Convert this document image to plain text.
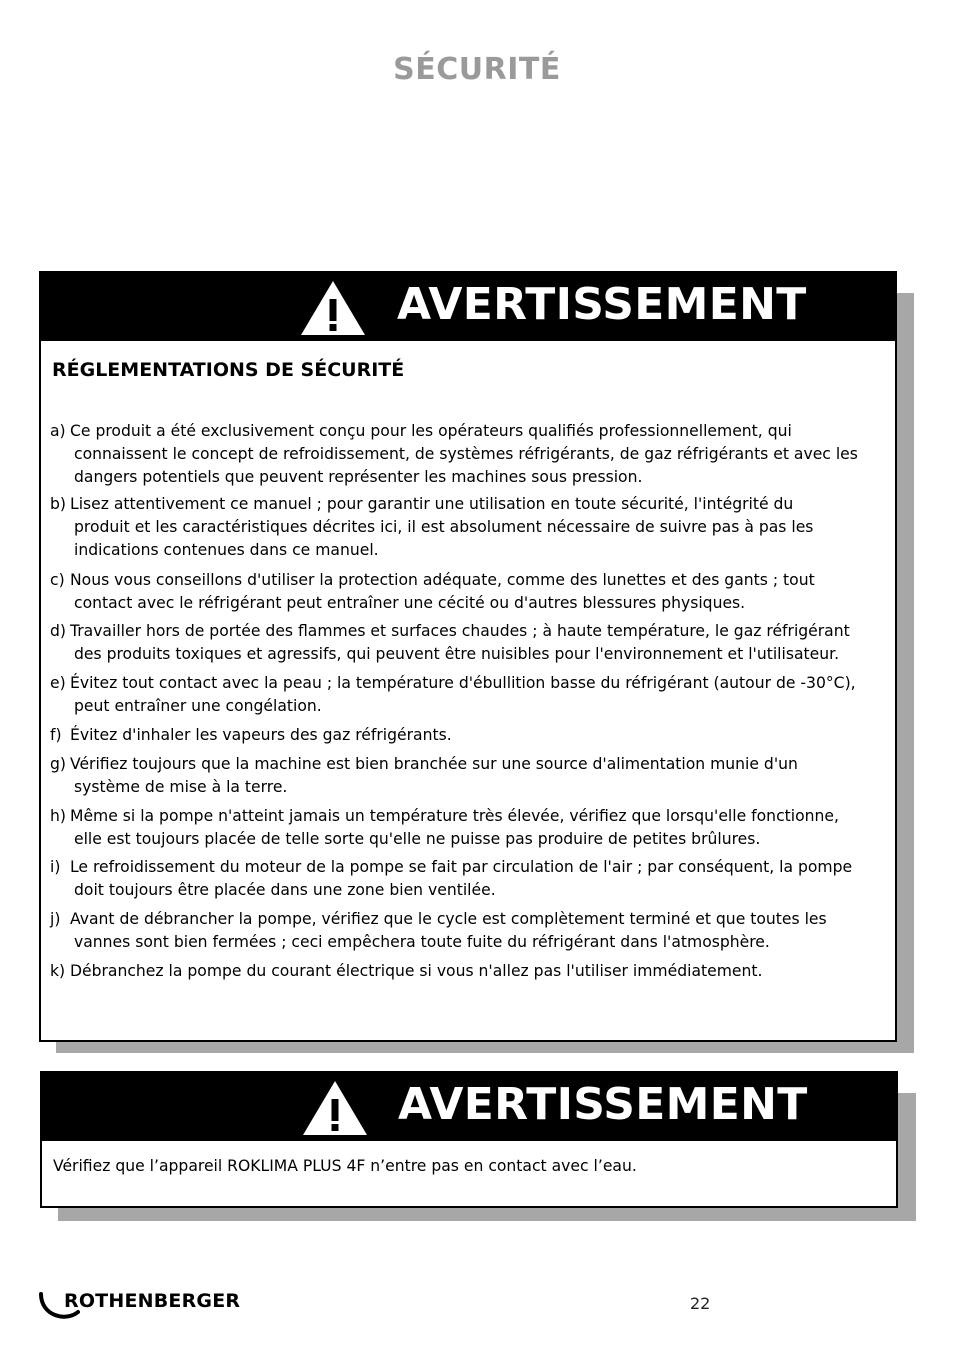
SÉCURITÉ
AVERTISSEMENT
RÉGLEMENTATIONS DE SÉCURITÉ
a) Ce produit a été exclusivement conçu pour les opérateurs qualifiés professionnellement, qui
connaissent le concept de refroidissement, de systèmes réfrigérants, de gaz réfrigérants et avec les
dangers potentiels que peuvent représenter les machines sous pression.
b) Lisez attentivement ce manuel ; pour garantir une utilisation en toute sécurité, l'intégrité du
produit et les caractéristiques décrites ici, il est absolument nécessaire de suivre pas à pas les
indications contenues dans ce manuel.
c) Nous vous conseillons d'utiliser la protection adéquate, comme des lunettes et des gants ; tout
contact avec le réfrigérant peut entraîner une cécité ou d'autres blessures physiques.
d) Travailler hors de portée des flammes et surfaces chaudes ; à haute température, le gaz réfrigérant
des produits toxiques et agressifs, qui peuvent être nuisibles pour l'environnement et l'utilisateur.
e) Évitez tout contact avec la peau ; la température d'ébullition basse du réfrigérant (autour de -30°C),
peut entraîner une congélation.
f) Évitez d'inhaler les vapeurs des gaz réfrigérants.
g) Vérifiez toujours que la machine est bien branchée sur une source d'alimentation munie d'un
système de mise à la terre.
h) Même si la pompe n'atteint jamais un température très élevée, vérifiez que lorsqu'elle fonctionne,
elle est toujours placée de telle sorte qu'elle ne puisse pas produire de petites brûlures.
i) Le refroidissement du moteur de la pompe se fait par circulation de l'air ; par conséquent, la pompe
doit toujours être placée dans une zone bien ventilée.
j) Avant de débrancher la pompe, vérifiez que le cycle est complètement terminé et que toutes les
vannes sont bien fermées ; ceci empêchera toute fuite du réfrigérant dans l'atmosphère.
k) Débranchez la pompe du courant électrique si vous n'allez pas l'utiliser immédiatement.
AVERTISSEMENT
Vérifiez que l’appareil ROKLIMA PLUS 4F n’entre pas en contact avec l’eau.
ROTHENBERGER	22
